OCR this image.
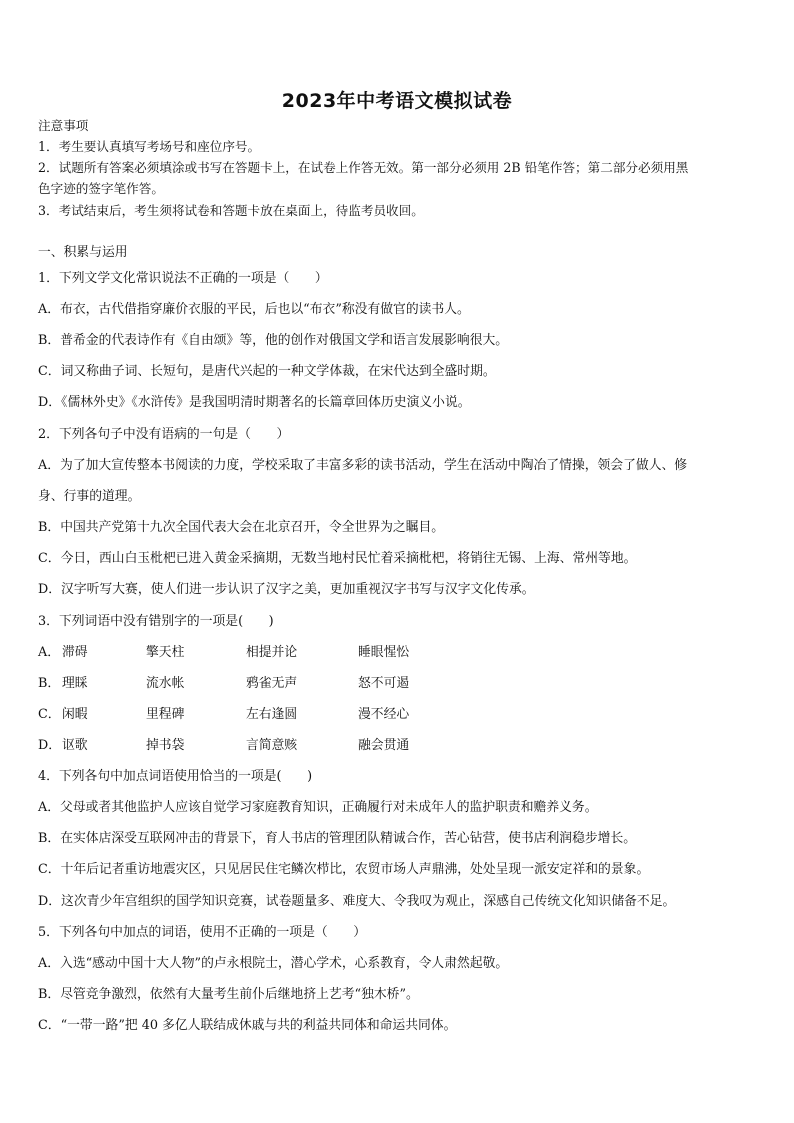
2023年中考语文模拟试卷
注意事项
1．考生要认真填写考场号和座位序号。
2．试题所有答案必须填涂或书写在答题卡上，在试卷上作答无效。第一部分必须用 2B 铅笔作答；第二部分必须用黑
色字迹的签字笔作答。
3．考试结束后，考生须将试卷和答题卡放在桌面上，待监考员收回。
一、积累与运用
1．下列文学文化常识说法不正确的一项是（　　）
A．布衣，古代借指穿廉价衣服的平民，后也以“布衣”称没有做官的读书人。
B．普希金的代表诗作有《自由颂》等，他的创作对俄国文学和语言发展影响很大。
C．词又称曲子词、长短句，是唐代兴起的一种文学体裁，在宋代达到全盛时期。
D．《儒林外史》《水浒传》是我国明清时期著名的长篇章回体历史演义小说。
2．下列各句子中没有语病的一句是（　　）
A．为了加大宣传整本书阅读的力度，学校采取了丰富多彩的读书活动，学生在活动中陶冶了情操，领会了做人、修
身、行事的道理。
B．中国共产党第十九次全国代表大会在北京召开，令全世界为之瞩目。
C．今日，西山白玉枇杷已进入黄金采摘期，无数当地村民忙着采摘枇杷，将销往无锡、上海、常州等地。
D．汉字听写大赛，使人们进一步认识了汉字之美，更加重视汉字书写与汉字文化传承。
3．下列词语中没有错别字的一项是(　　)
A． 滞碍	擎天柱	相提并论	睡眼惺忪
B． 理睬	流水帐	鸦雀无声	怒不可遏
C． 闲暇	里程碑	左右逢圆	漫不经心
D． 讴歌	掉书袋	言简意赅	融会贯通
4．下列各句中加点词语使用恰当的一项是(　　)
A．父母或者其他监护人应该自觉学习家庭教育知识，正确履行对未成年人的监护职责和赡养义务。
B．在实体店深受互联网冲击的背景下，育人书店的管理团队精诚合作，苦心钻营，使书店利润稳步增长。
C．十年后记者重访地震灾区，只见居民住宅鳞次栉比，农贸市场人声鼎沸，处处呈现一派安定祥和的景象。
D．这次青少年宫组织的国学知识竞赛，试卷题量多、难度大、令我叹为观止，深感自己传统文化知识储备不足。
5．下列各句中加点的词语，使用不正确的一项是（　　）
A．入选“感动中国十大人物”的卢永根院士，潜心学术，心系教育，令人肃然起敬。
B．尽管竞争激烈，依然有大量考生前仆后继地挤上艺考“独木桥”。
C．“一带一路”把 40 多亿人联结成休戚与共的利益共同体和命运共同体。
